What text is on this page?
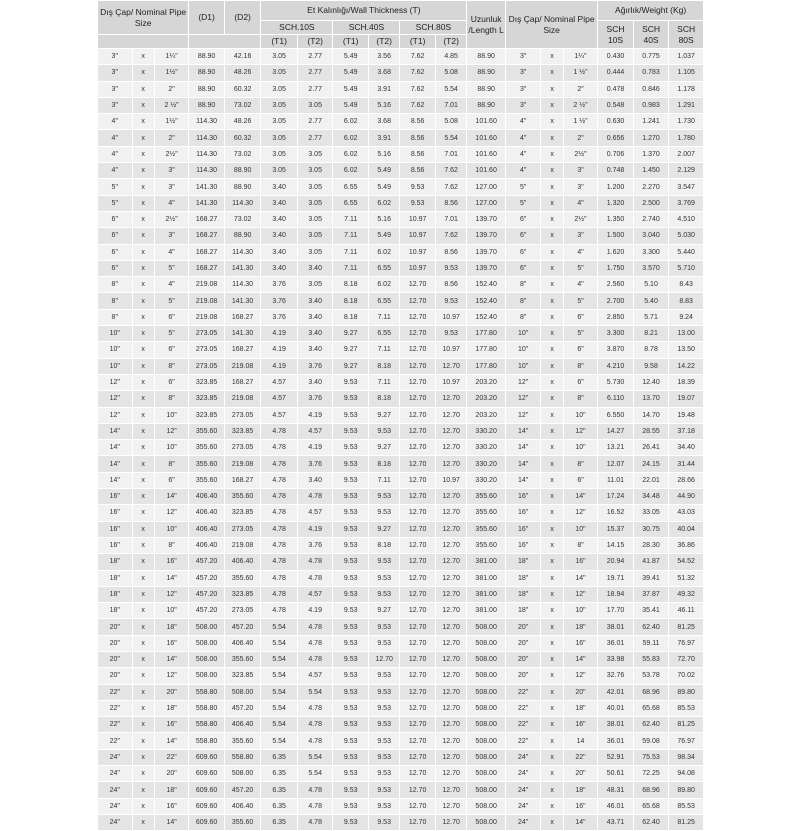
Dış Çap/ Nominal Pipe Size			(D1)	(D2)	Et Kalınlığı/Wall Thickness (T)						Uzunluk /Length L	Dış Çap/ Nominal Pipe Size			Ağırlık/Weight (Kg)		
					SCH.10S		SCH.40S		SCH.80S						SCH 10S	SCH 40S	SCH 80S
					(T1)	(T2)	(T1)	(T2)	(T1)	(T2)							
3"	x	1¼"	88.90	42.16	3.05	2.77	5.49	3.56	7.62	4.85	88.90	3"	x	1¼"	0.430	0.775	1.037
3"	x	1½"	88.90	48.26	3.05	2.77	5.49	3.68	7.62	5.08	88.90	3"	x	1 ½"	0.444	0.783	1.105
3"	x	2"	88.90	60.32	3.05	2.77	5.49	3.91	7.62	5.54	88.90	3"	x	2"	0.478	0.846	1.178
3"	x	2 ½"	88.90	73.02	3.05	3.05	5.49	5.16	7.62	7.01	88.90	3"	x	2 ½"	0.548	0.983	1.291
4"	x	1½"	114.30	48.26	3.05	2.77	6.02	3.68	8.56	5.08	101.60	4"	x	1 ½"	0.630	1.241	1.730
4"	x	2"	114.30	60.32	3.05	2.77	6.02	3.91	8.56	5.54	101.60	4"	x	2"	0.656	1.270	1.780
4"	x	2½"	114.30	73.02	3.05	3.05	6.02	5.16	8.56	7.01	101.60	4"	x	2½"	0.706	1.370	2.007
4"	x	3"	114.30	88.90	3.05	3.05	6.02	5.49	8.56	7.62	101.60	4"	x	3"	0.748	1.450	2.129
5"	x	3"	141.30	88.90	3.40	3.05	6.55	5.49	9.53	7.62	127.00	5"	x	3"	1.200	2.270	3.547
5"	x	4"	141.30	114.30	3.40	3.05	6.55	6.02	9.53	8.56	127.00	5"	x	4"	1.320	2.500	3.769
6"	x	2½"	168.27	73.02	3.40	3.05	7.11	5.16	10.97	7.01	139.70	6"	x	2½"	1.350	2.740	4.510
6"	x	3"	168.27	88.90	3.40	3.05	7.11	5.49	10.97	7.62	139.70	6"	x	3"	1.500	3.040	5.030
6"	x	4"	168.27	114.30	3.40	3.05	7.11	6.02	10.97	8.56	139.70	6"	x	4"	1.620	3.300	5.440
6"	x	5"	168.27	141.30	3.40	3.40	7.11	6.55	10.97	9.53	139.70	6"	x	5"	1.750	3.570	5.710
8"	x	4"	219.08	114.30	3.76	3.05	8.18	6.02	12.70	8.56	152.40	8"	x	4"	2.560	5.10	8.43
8"	x	5"	219.08	141.30	3.76	3.40	8.18	6.55	12.70	9.53	152.40	8"	x	5"	2.700	5.40	8.83
8"	x	6"	219.08	168.27	3.76	3.40	8.18	7.11	12.70	10.97	152.40	8"	x	6"	2.850	5.71	9.24
10"	x	5"	273.05	141.30	4.19	3.40	9.27	6.55	12.70	9.53	177.80	10"	x	5"	3.300	8.21	13.00
10"	x	6"	273.05	168.27	4.19	3.40	9.27	7.11	12.70	10.97	177.80	10"	x	6"	3.870	8.78	13.50
10"	x	8"	273.05	219.08	4.19	3.76	9.27	8.18	12.70	12.70	177.80	10"	x	8"	4.210	9.58	14.22
12"	x	6"	323.85	168.27	4.57	3.40	9.53	7.11	12.70	10.97	203.20	12"	x	6"	5.730	12.40	18.39
12"	x	8"	323.85	219.08	4.57	3.76	9.53	8.18	12.70	12.70	203.20	12"	x	8"	6.110	13.70	19.07
12"	x	10"	323.85	273.05	4.57	4.19	9.53	9.27	12.70	12.70	203.20	12"	x	10"	6.550	14.70	19.48
14"	x	12"	355.60	323.85	4.78	4.57	9.53	9.53	12.70	12.70	330.20	14"	x	12"	14.27	28.55	37.18
14"	x	10"	355.60	273.05	4.78	4.19	9.53	9.27	12.70	12.70	330.20	14"	x	10"	13.21	26.41	34.40
14"	x	8"	355.60	219.08	4.78	3.76	9.53	8.18	12.70	12.70	330.20	14"	x	8"	12.07	24.15	31.44
14"	x	6"	355.60	168.27	4.78	3.40	9.53	7.11	12.70	10.97	330.20	14"	x	6"	11.01	22.01	28.66
16"	x	14"	406.40	355.60	4.78	4.78	9.53	9.53	12.70	12.70	355.60	16"	x	14"	17.24	34.48	44.90
16"	x	12"	406.40	323.85	4.78	4.57	9.53	9.53	12.70	12.70	355.60	16"	x	12"	16.52	33.05	43.03
16"	x	10"	406.40	273.05	4.78	4.19	9.53	9.27	12.70	12.70	355.60	16"	x	10"	15.37	30.75	40.04
16"	x	8"	406.40	219.08	4.78	3.76	9.53	8.18	12.70	12.70	355.60	16"	x	8"	14.15	28.30	36.86
18"	x	16"	457.20	406.40	4.78	4.78	9.53	9.53	12.70	12.70	381.00	18"	x	16"	20.94	41.87	54.52
18"	x	14"	457.20	355.60	4.78	4.78	9.53	9.53	12.70	12.70	381.00	18"	x	14"	19.71	39.41	51.32
18"	x	12"	457.20	323.85	4.78	4.57	9.53	9.53	12.70	12.70	381.00	18"	x	12"	18.94	37.87	49.32
18"	x	10"	457.20	273.05	4.78	4.19	9.53	9.27	12.70	12.70	381.00	18"	x	10"	17.70	35.41	46.11
20"	x	18"	508.00	457.20	5.54	4.78	9.53	9.53	12.70	12.70	508.00	20"	x	18"	38.01	62.40	81.25
20"	x	16"	508.00	406.40	5.54	4.78	9.53	9.53	12.70	12.70	508.00	20"	x	16"	36.01	59.11	76.97
20"	x	14"	508.00	355.60	5.54	4.78	9.53	12.70	12.70	12.70	508.00	20"	x	14"	33.98	55.83	72.70
20"	x	12"	508.00	323.85	5.54	4.57	9.53	9.53	12.70	12.70	508.00	20"	x	12"	32.76	53.78	70.02
22"	x	20"	558.80	508.00	5.54	5.54	9.53	9.53	12.70	12.70	508.00	22"	x	20"	42.01	68.96	89.80
22"	x	18"	558.80	457.20	5.54	4.78	9.53	9.53	12.70	12.70	508.00	22"	x	18"	40.01	65.68	85.53
22"	x	16"	558.80	406.40	5.54	4.78	9.53	9.53	12.70	12.70	508.00	22"	x	16"	38.01	62.40	81.25
22"	x	14"	558.80	355.60	5.54	4.78	9.53	9.53	12.70	12.70	508.00	22"	x	14	36.01	59.08	76.97
24"	x	22"	609.60	558.80	6.35	5.54	9.53	9.53	12.70	12.70	508.00	24"	x	22"	52.91	75.53	98.34
24"	x	20"	609.60	508.00	6.35	5.54	9.53	9.53	12.70	12.70	508.00	24"	x	20"	50.61	72.25	94.08
24"	x	18"	609.60	457.20	6.35	4.78	9.53	9.53	12.70	12.70	508.00	24"	x	18"	48.31	68.96	89.80
24"	x	16"	609.60	406.40	6.35	4.78	9.53	9.53	12.70	12.70	508.00	24"	x	16"	46.01	65.68	85.53
24"	x	14"	609.60	355.60	6.35	4.78	9.53	9.53	12.70	12.70	508.00	24"	x	14"	43.71	62.40	81.25
